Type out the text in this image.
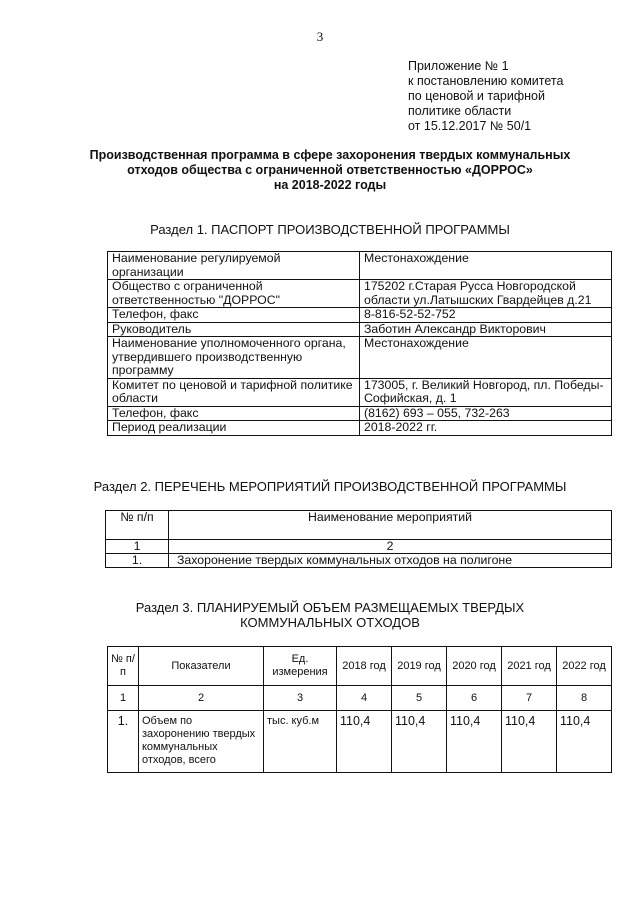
3
Приложение № 1
к постановлению комитета
по ценовой и тарифной
политике области
от 15.12.2017 № 50/1
Производственная программа в сфере захоронения твердых коммунальных
отходов общества с ограниченной ответственностью «ДОРРОС»
на 2018-2022 годы
Раздел 1. ПАСПОРТ ПРОИЗВОДСТВЕННОЙ ПРОГРАММЫ
Наименование регулируемой организации	Местонахождение
Общество с ограниченной ответственностью "ДОРРОС"	175202 г.Старая Русса Новгородской области ул.Латышских Гвардейцев д.21
Телефон, факс	8-816-52-52-752
Руководитель	Заботин Александр Викторович
Наименование уполномоченного органа, утвердившего производственную программу	Местонахождение
Комитет по ценовой и тарифной политике области	173005, г. Великий Новгород, пл. Победы-Софийская, д. 1
Телефон, факс	(8162) 693 – 055, 732-263
Период реализации	2018-2022 гг.
Раздел 2. ПЕРЕЧЕНЬ МЕРОПРИЯТИЙ ПРОИЗВОДСТВЕННОЙ ПРОГРАММЫ
№ п/п	Наименование мероприятий
1	2
1.	Захоронение твердых коммунальных отходов на полигоне
Раздел 3. ПЛАНИРУЕМЫЙ ОБЪЕМ РАЗМЕЩАЕМЫХ ТВЕРДЫХ
КОММУНАЛЬНЫХ ОТХОДОВ
№ п/п	Показатели	Ед. измерения	2018 год	2019 год	2020 год	2021 год	2022 год
1	2	3	4	5	6	7	8
1.	Объем по захоронению твердых коммунальных отходов, всего	тыс. куб.м	110,4	110,4	110,4	110,4	110,4
